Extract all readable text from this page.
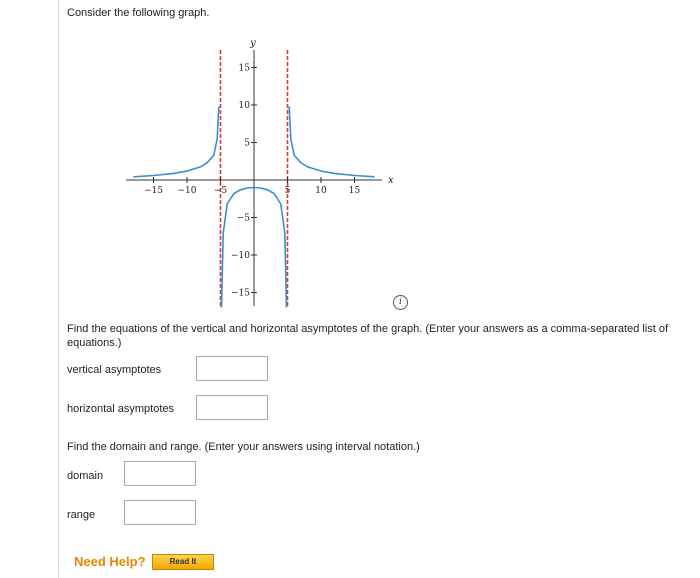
Consider the following graph.
−15 −10 −5	5	10 15
−15
−10
−5
5
10
15
x
y
i
Find the equations of the vertical and horizontal asymptotes of the graph. (Enter your answers as a comma-separated list of equations.)
vertical asymptotes
horizontal asymptotes
Find the domain and range. (Enter your answers using interval notation.)
domain
range
Need Help?	Read It
